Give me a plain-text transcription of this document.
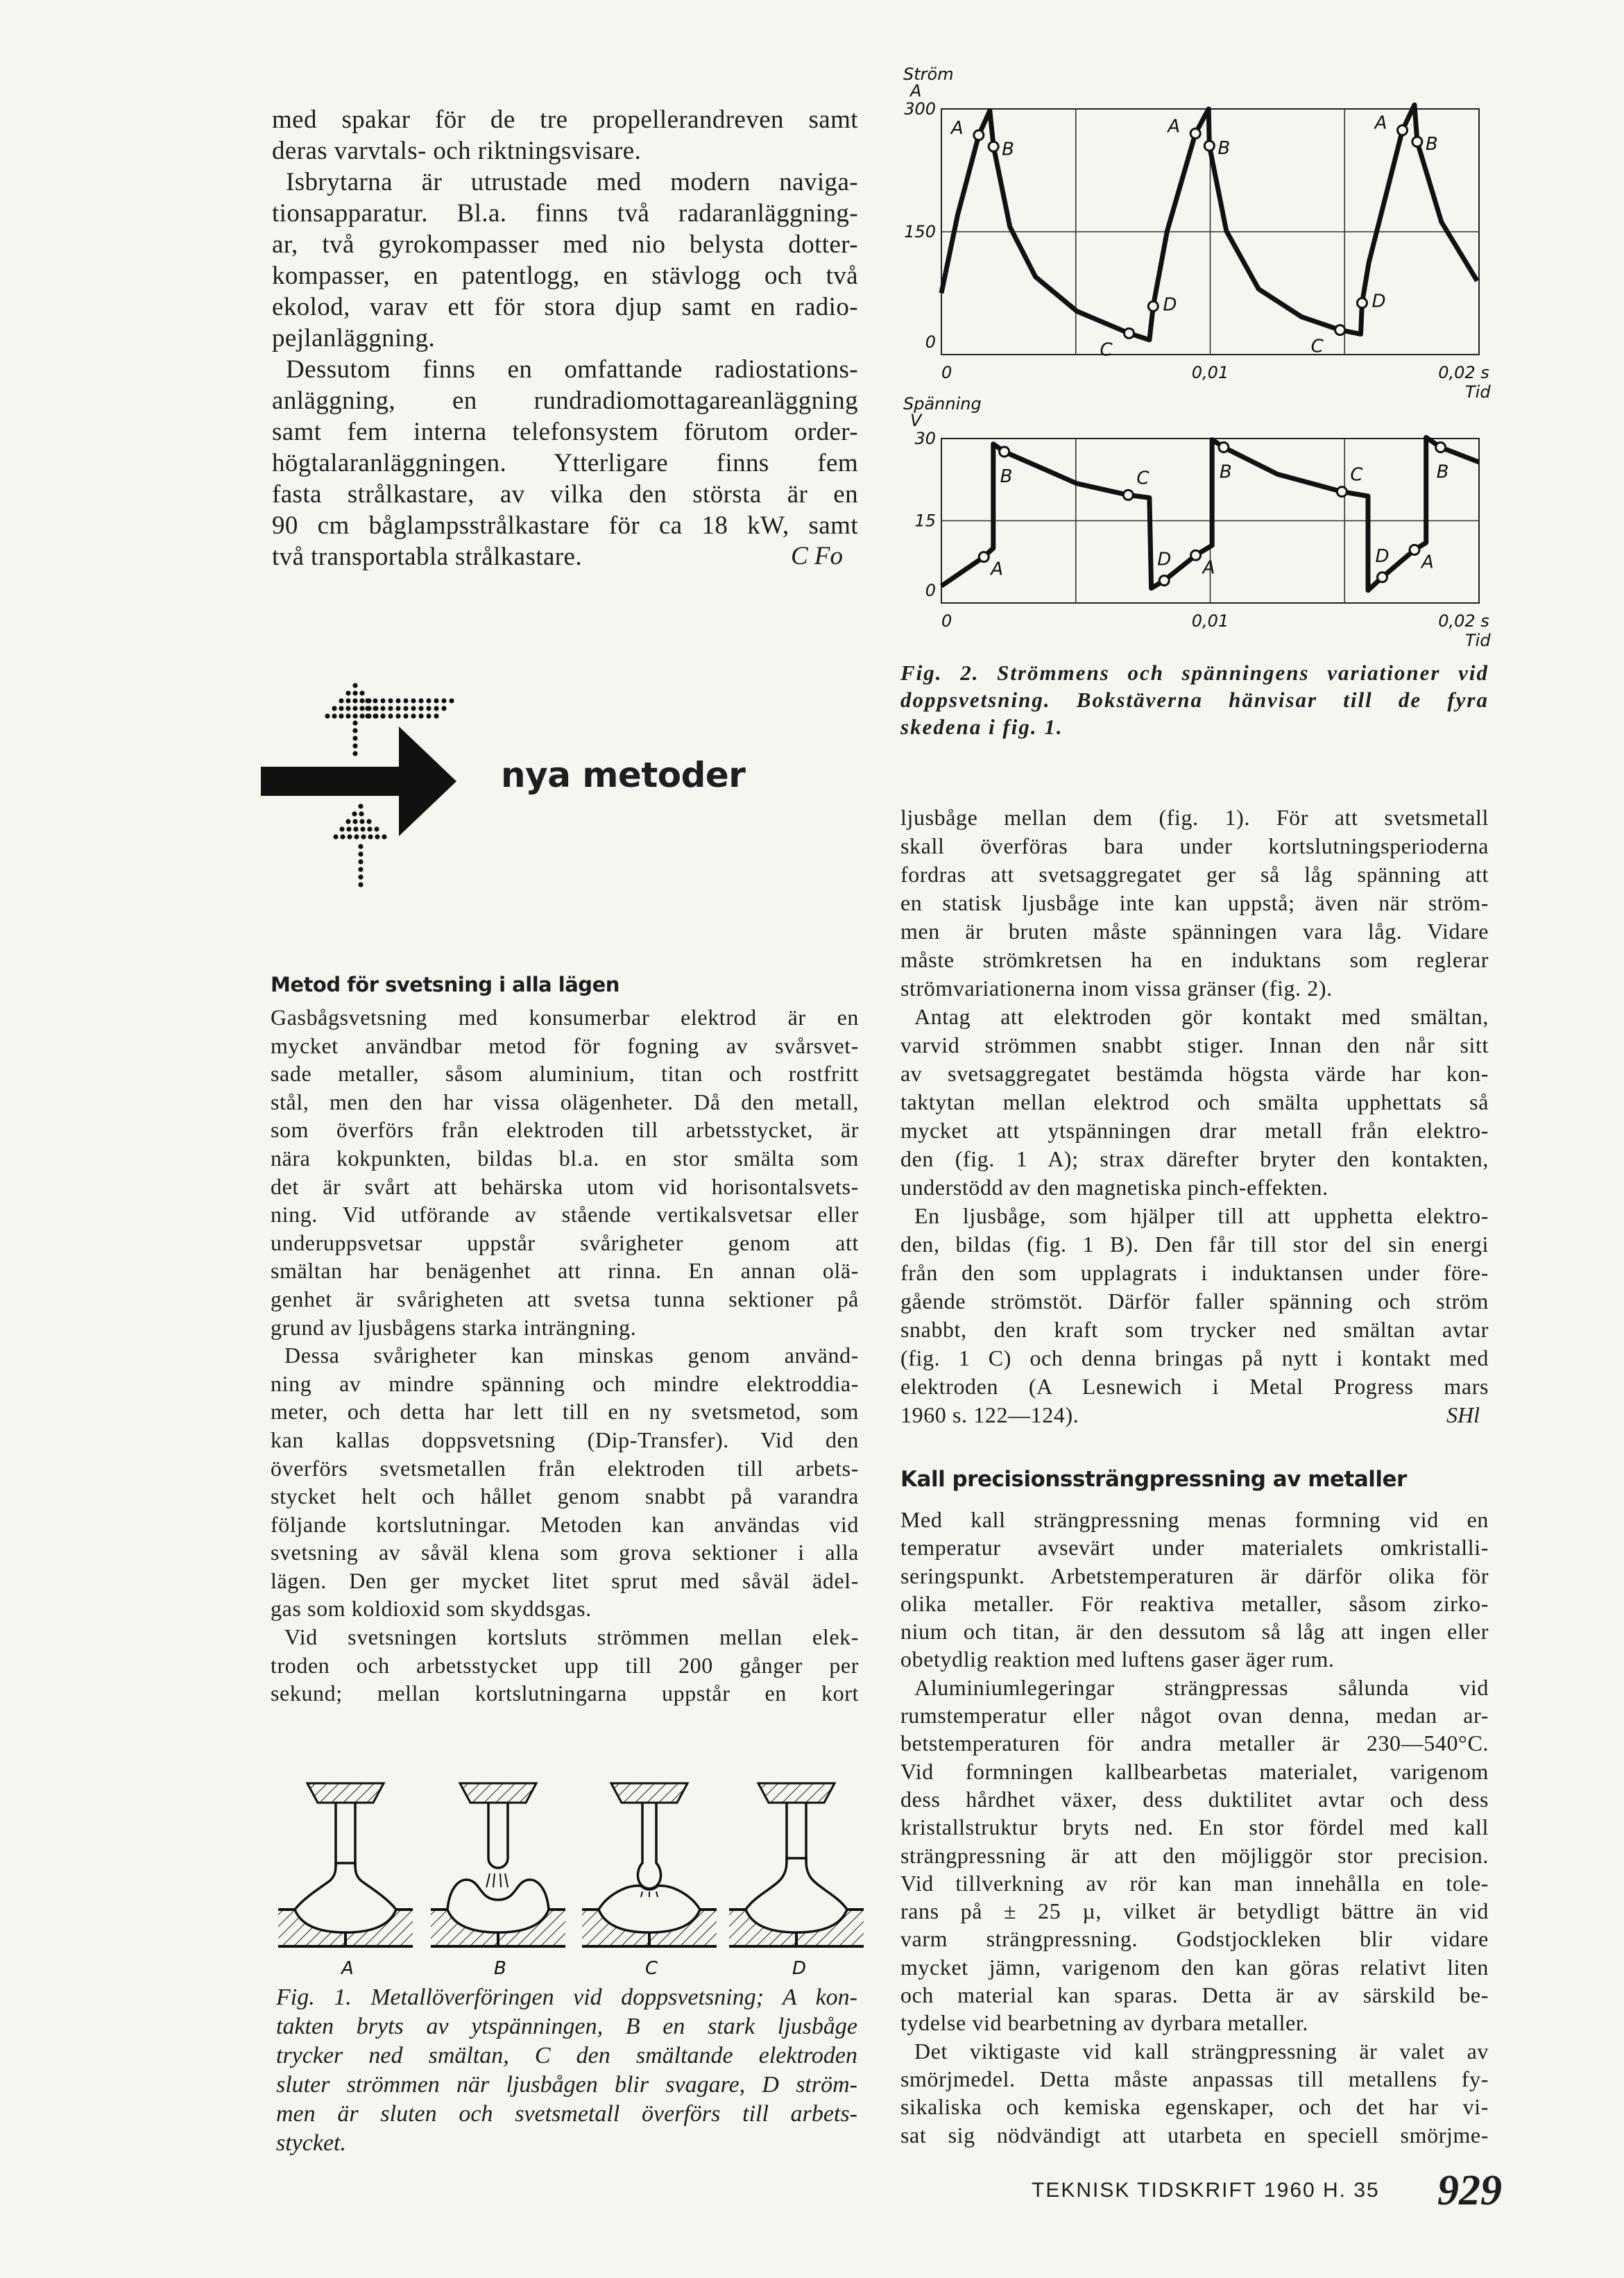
med spakar för de tre propellerandreven samt
deras varvtals- och riktningsvisare.
Isbrytarna är utrustade med modern naviga-
tionsapparatur. Bl.a. finns två radaranläggning-
ar, två gyrokompasser med nio belysta dotter-
kompasser, en patentlogg, en stävlogg och två
ekolod, varav ett för stora djup samt en radio-
pejlanläggning.
Dessutom finns en omfattande radiostations-
anläggning, en rundradiomottagareanläggning
samt fem interna telefonsystem förutom order-
högtalaranläggningen. Ytterligare finns fem
fasta strålkastare, av vilka den största är en
90 cm båglampsstrålkastare för ca 18 kW, samt
två transportabla strålkastare.	C Fo
nya metoder
Metod för svetsning i alla lägen
Gasbågsvetsning med konsumerbar elektrod är en
mycket användbar metod för fogning av svårsvet-
sade metaller, såsom aluminium, titan och rostfritt
stål, men den har vissa olägenheter. Då den metall,
som överförs från elektroden till arbetsstycket, är
nära kokpunkten, bildas bl.a. en stor smälta som
det är svårt att behärska utom vid horisontalsvets-
ning. Vid utförande av stående vertikalsvetsar eller
underuppsvetsar uppstår svårigheter genom att
smältan har benägenhet att rinna. En annan olä-
genhet är svårigheten att svetsa tunna sektioner på
grund av ljusbågens starka inträngning.
Dessa svårigheter kan minskas genom använd-
ning av mindre spänning och mindre elektroddia-
meter, och detta har lett till en ny svetsmetod, som
kan kallas doppsvetsning (Dip-Transfer). Vid den
överförs svetsmetallen från elektroden till arbets-
stycket helt och hållet genom snabbt på varandra
följande kortslutningar. Metoden kan användas vid
svetsning av såväl klena som grova sektioner i alla
lägen. Den ger mycket litet sprut med såväl ädel-
gas som koldioxid som skyddsgas.
Vid svetsningen kortsluts strömmen mellan elek-
troden och arbetsstycket upp till 200 gånger per
sekund; mellan kortslutningarna uppstår en kort
A	B	C	D
Fig. 1. Metallöverföringen vid doppsvetsning; A kon-
takten bryts av ytspänningen, B en stark ljusbåge
trycker ned smältan, C den smältande elektroden
sluter strömmen när ljusbågen blir svagare, D ström-
men är sluten och svetsmetall överförs till arbets-
stycket.
Ström
A
0
150
300
0	0,01	0,02 s
Tid
A
B
C
D
A
B
C
D
A
B
Spänning
V
0
15
30
0	0,01	0,02 s
Tid
A
B	C
D A
B	C
D A
B
Fig. 2. Strömmens och spänningens variationer vid
doppsvetsning. Bokstäverna hänvisar till de fyra
skedena i fig. 1.
ljusbåge mellan dem (fig. 1). För att svetsmetall
skall överföras bara under kortslutningsperioderna
fordras att svetsaggregatet ger så låg spänning att
en statisk ljusbåge inte kan uppstå; även när ström-
men är bruten måste spänningen vara låg. Vidare
måste strömkretsen ha en induktans som reglerar
strömvariationerna inom vissa gränser (fig. 2).
Antag att elektroden gör kontakt med smältan,
varvid strömmen snabbt stiger. Innan den når sitt
av svetsaggregatet bestämda högsta värde har kon-
taktytan mellan elektrod och smälta upphettats så
mycket att ytspänningen drar metall från elektro-
den (fig. 1 A); strax därefter bryter den kontakten,
understödd av den magnetiska pinch-effekten.
En ljusbåge, som hjälper till att upphetta elektro-
den, bildas (fig. 1 B). Den får till stor del sin energi
från den som upplagrats i induktansen under före-
gående strömstöt. Därför faller spänning och ström
snabbt, den kraft som trycker ned smältan avtar
(fig. 1 C) och denna bringas på nytt i kontakt med
elektroden (A Lesnewich i Metal Progress mars
1960 s. 122—124).	SHl
Kall precisionssträngpressning av metaller
Med kall strängpressning menas formning vid en
temperatur avsevärt under materialets omkristalli-
seringspunkt. Arbetstemperaturen är därför olika för
olika metaller. För reaktiva metaller, såsom zirko-
nium och titan, är den dessutom så låg att ingen eller
obetydlig reaktion med luftens gaser äger rum.
Aluminiumlegeringar strängpressas sålunda vid
rumstemperatur eller något ovan denna, medan ar-
betstemperaturen för andra metaller är 230—540°C.
Vid formningen kallbearbetas materialet, varigenom
dess hårdhet växer, dess duktilitet avtar och dess
kristallstruktur bryts ned. En stor fördel med kall
strängpressning är att den möjliggör stor precision.
Vid tillverkning av rör kan man innehålla en tole-
rans på ± 25 µ, vilket är betydligt bättre än vid
varm strängpressning. Godstjockleken blir vidare
mycket jämn, varigenom den kan göras relativt liten
och material kan sparas. Detta är av särskild be-
tydelse vid bearbetning av dyrbara metaller.
Det viktigaste vid kall strängpressning är valet av
smörjmedel. Detta måste anpassas till metallens fy-
sikaliska och kemiska egenskaper, och det har vi-
sat sig nödvändigt att utarbeta en speciell smörjme-
TEKNISK TIDSKRIFT 1960 H. 35 929
